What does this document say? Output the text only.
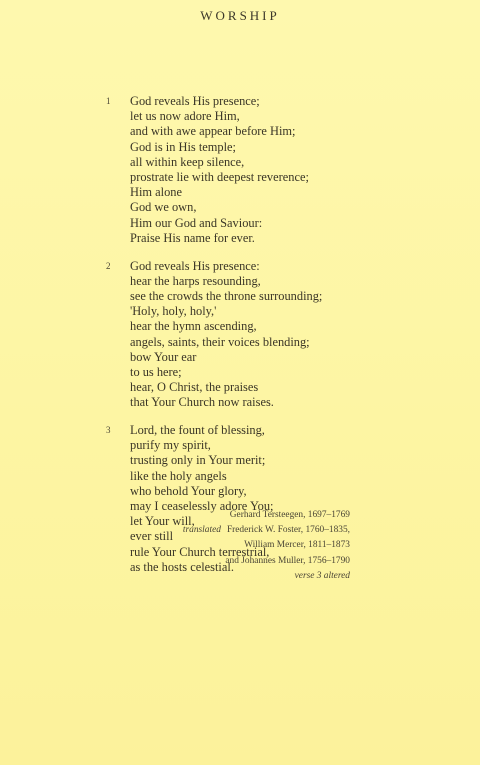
WORSHIP
1 God reveals His presence;
let us now adore Him,
and with awe appear before Him;
God is in His temple;
all within keep silence,
prostrate lie with deepest reverence;
Him alone
God we own,
Him our God and Saviour:
Praise His name for ever.
2 God reveals His presence:
hear the harps resounding,
see the crowds the throne surrounding;
'Holy, holy, holy,'
hear the hymn ascending,
angels, saints, their voices blending;
bow Your ear
to us here;
hear, O Christ, the praises
that Your Church now raises.
3 Lord, the fount of blessing,
purify my spirit,
trusting only in Your merit;
like the holy angels
who behold Your glory,
may I ceaselessly adore You;
let Your will,
ever still
rule Your Church terrestrial,
as the hosts celestial.
Gerhard Tersteegen, 1697–1769
translated Frederick W. Foster, 1760–1835,
William Mercer, 1811–1873
and Johannes Muller, 1756–1790
verse 3 altered
